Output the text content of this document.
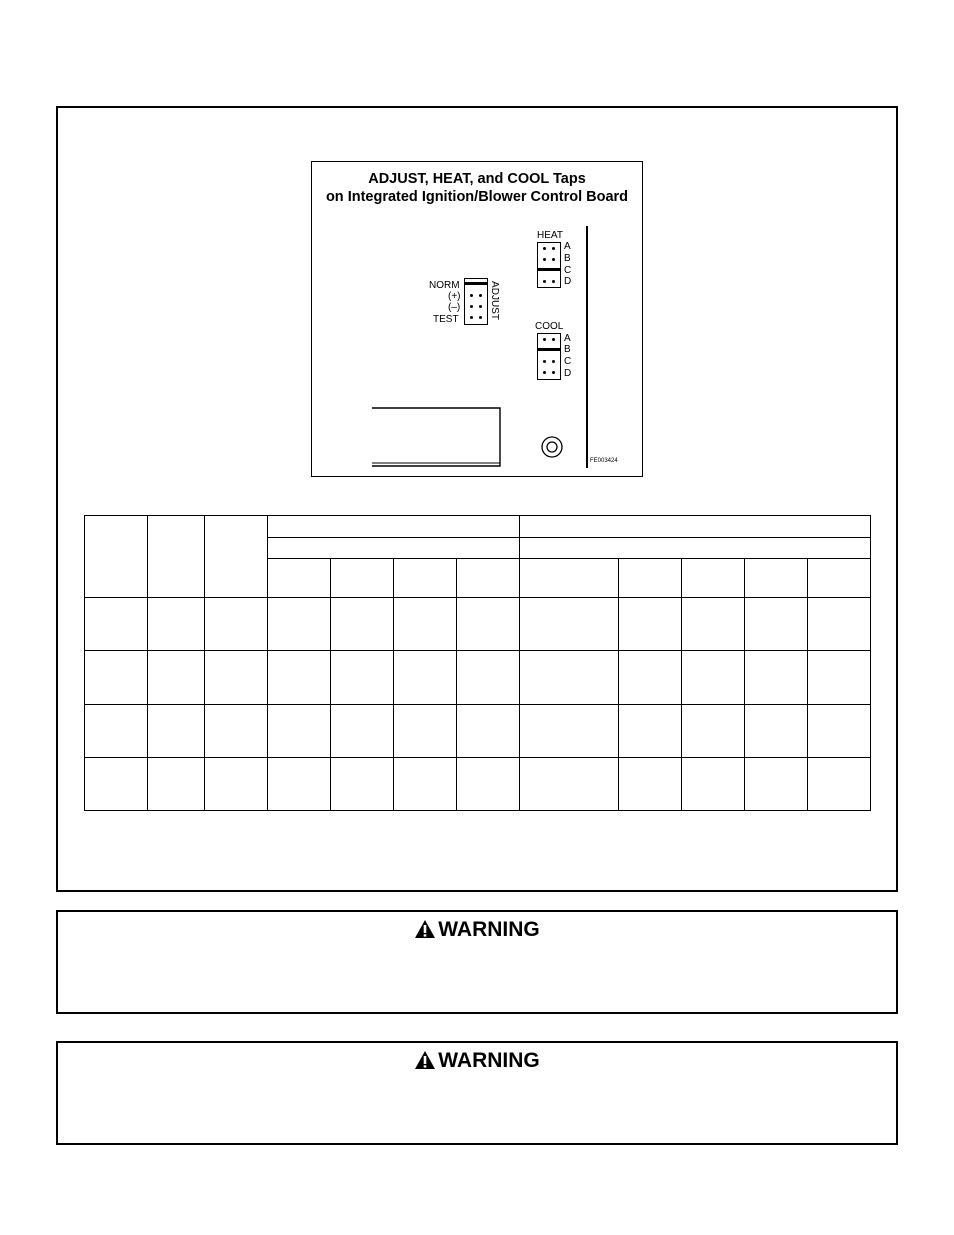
ADJUST, HEAT, and COOL Taps
on Integrated Ignition/Blower Control Board
NORM
(+)
(–)
TEST	ADJUST
HEAT
A
B
C
D
COOL
A
B
C
D
FE003424

WARNING
WARNING
